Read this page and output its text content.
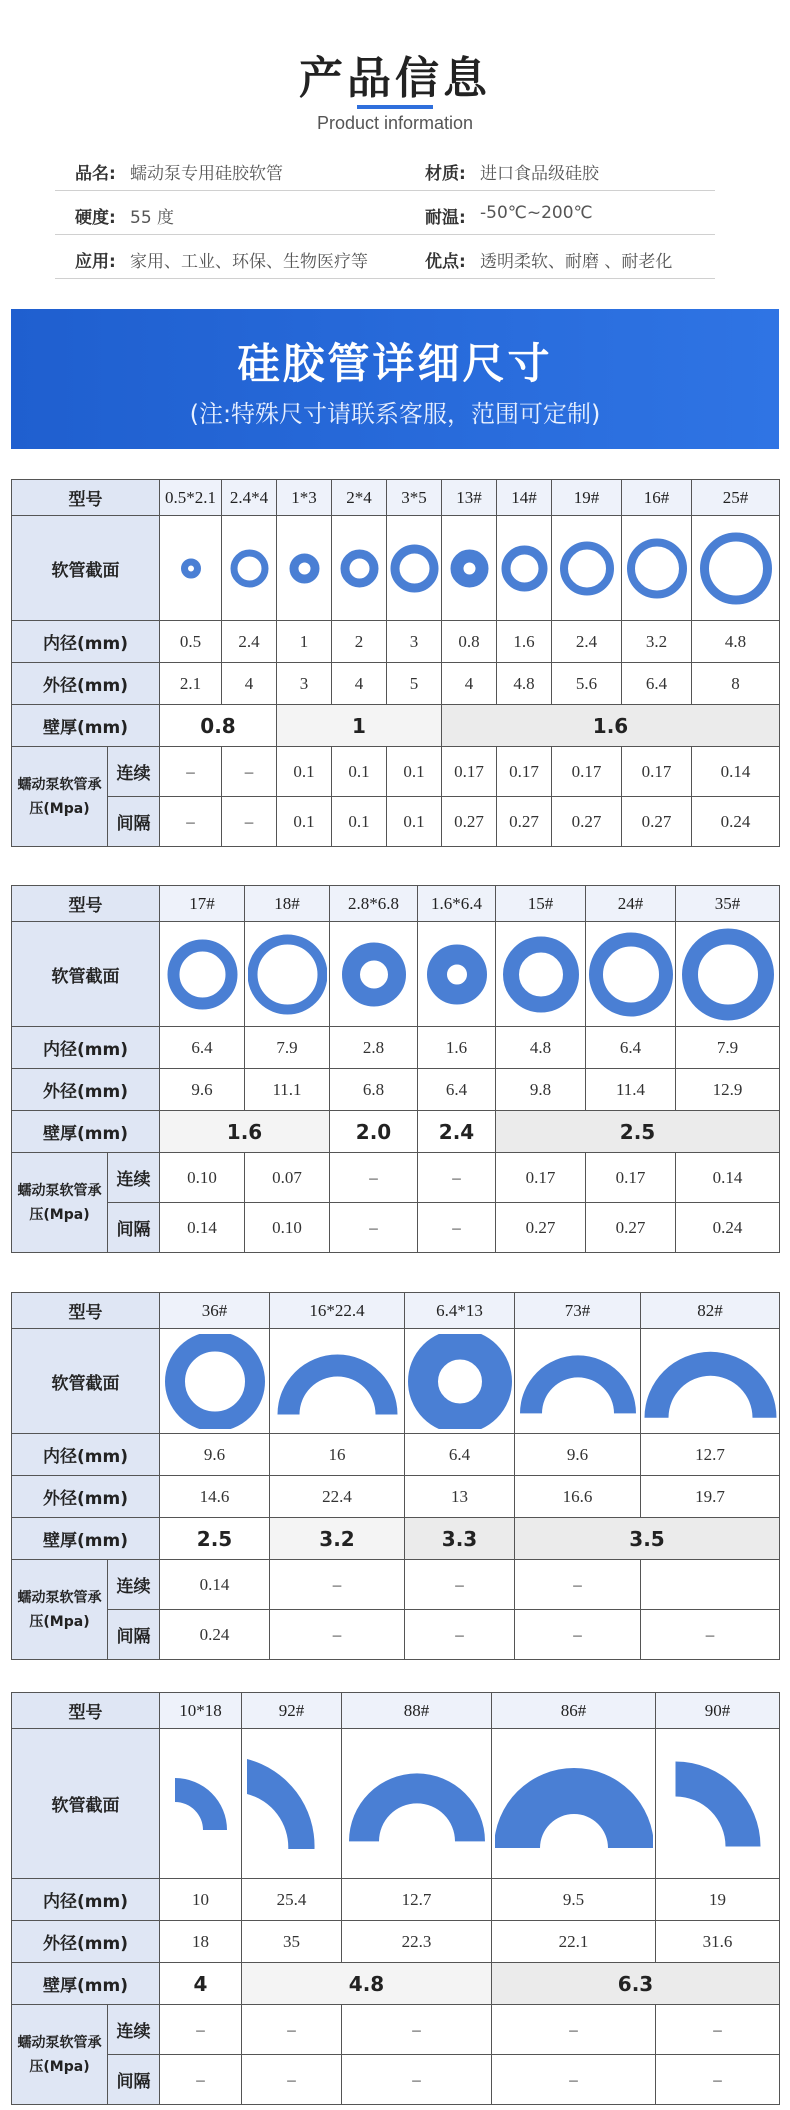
产品信息
Product information
品名: 蠕动泵专用硅胶软管	材质: 进口食品级硅胶
硬度: 55 度	耐温: -50℃~200℃
应用: 家用、工业、环保、生物医疗等	优点: 透明柔软、耐磨 、耐老化
硅胶管详细尺寸
(注:特殊尺寸请联系客服，范围可定制)
型号		0.5*2.1	2.4*4	1*3	2*4	3*5	13#	14#	19#	16#	25#
软管截面	

内径(mm)		0.5	2.4	1	2	3	0.8	1.6	2.4	3.2	4.8
外径(mm)		2.1	4	3	4	5	4	4.8	5.6	6.4	8
壁厚(mm)		0.8		1			1.6				
蠕动泵软管承压(Mpa)	连续	–	–	0.1	0.1	0.1	0.17	0.17	0.17	0.17	0.14
	间隔	–	–	0.1	0.1	0.1	0.27	0.27	0.27	0.27	0.24
型号		17#	18#	2.8*6.8	1.6*6.4	15#	24#	35#
软管截面	

内径(mm)		6.4	7.9	2.8	1.6	4.8	6.4	7.9
外径(mm)		9.6	11.1	6.8	6.4	9.8	11.4	12.9
壁厚(mm)		1.6		2.0	2.4	2.5		
蠕动泵软管承压(Mpa)	连续	0.10	0.07	–	–	0.17	0.17	0.14
	间隔	0.14	0.10	–	–	0.27	0.27	0.24
型号		36#	16*22.4	6.4*13	73#	82#
软管截面	

内径(mm)		9.6	16	6.4	9.6	12.7
外径(mm)		14.6	22.4	13	16.6	19.7
壁厚(mm)		2.5	3.2	3.3	3.5	
蠕动泵软管承压(Mpa)	连续	0.14	–	–	–	
	间隔	0.24	–	–	–	–
型号		10*18	92#	88#	86#	90#
软管截面	

内径(mm)		10	25.4	12.7	9.5	19
外径(mm)		18	35	22.3	22.1	31.6
壁厚(mm)		4	4.8		6.3	
蠕动泵软管承压(Mpa)	连续	–	–	–	–	–
	间隔	–	–	–	–	–
